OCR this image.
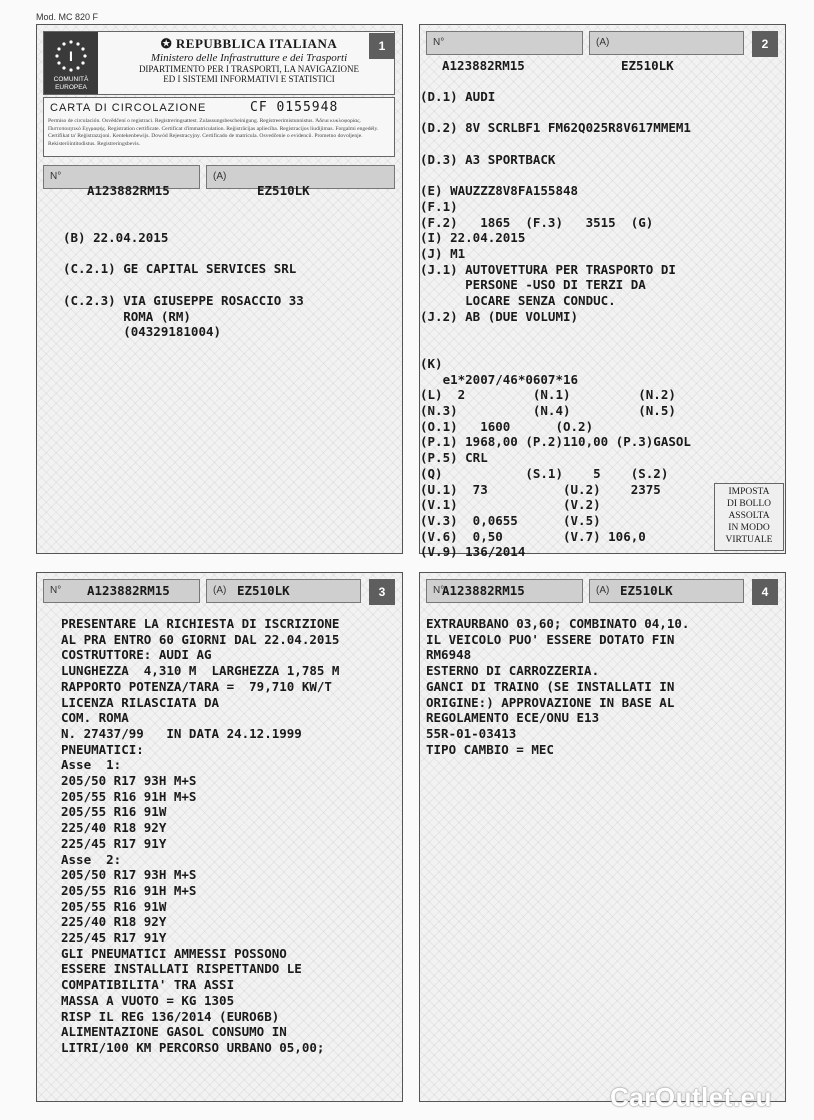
Mod. MC 820 F
I
COMUNITÀ EUROPEA
✪ REPUBBLICA ITALIANA
Ministero delle Infrastrutture e dei Trasporti
DIPARTIMENTO PER I TRASPORTI, LA NAVIGAZIONE
ED I SISTEMI INFORMATIVI E STATISTICI
1
CARTA DI CIRCOLAZIONE	CF 0155948
Permiso de circulación. Osvědčení o registraci. Registreringsattest. Zulassungsbescheinigung. Registreerimistunnistus. Άδεια κυκλοφορίας. Πιστοποιητικό Εγγραφής. Registration certificate. Certificat d'immatriculation. Reģistrācijas apliecība. Registracijos liudijimas. Forgalmi engedély. Certifikat ta' Reġistrazzjoni. Kentekenbewijs. Dowód Rejestracyjny. Certificado de matrícula. Osvedčenie o evidencii. Prometno dovoljenje. Rekisteröintitodistus. Registreringsbevis.
N°	(A)
A123882RM15	EZ510LK
(B) 22.04.2015

(C.2.1) GE CAPITAL SERVICES SRL

(C.2.3) VIA GIUSEPPE ROSACCIO 33
ROMA (RM)
(04329181004)
N°	(A)	2
A123882RM15	EZ510LK
(D.1) AUDI

(D.2) 8V SCRLBF1 FM62Q025R8V617MMEM1

(D.3) A3 SPORTBACK

(E) WAUZZZ8V8FA155848
(F.1)
(F.2)   1865  (F.3)   3515  (G)
(I) 22.04.2015
(J) M1
(J.1) AUTOVETTURA PER TRASPORTO DI
PERSONE -USO DI TERZI DA
LOCARE SENZA CONDUC.
(J.2) AB (DUE VOLUMI)

(K)
e1*2007/46*0607*16
(L)  2         (N.1)         (N.2)
(N.3)          (N.4)         (N.5)
(O.1)   1600      (O.2)
(P.1) 1968,00 (P.2)110,00 (P.3)GASOL
(P.5) CRL
(Q)           (S.1)    5    (S.2)
(U.1)  73          (U.2)    2375
(V.1)              (V.2)
(V.3)  0,0655      (V.5)
(V.6)  0,50        (V.7) 106,0
(V.9) 136/2014
IMPOSTA
DI BOLLO
ASSOLTA
IN MODO
VIRTUALE
N°	(A)	3
A123882RM15	EZ510LK
PRESENTARE LA RICHIESTA DI ISCRIZIONE
AL PRA ENTRO 60 GIORNI DAL 22.04.2015
COSTRUTTORE: AUDI AG
LUNGHEZZA  4,310 M  LARGHEZZA 1,785 M
RAPPORTO POTENZA/TARA =  79,710 KW/T
LICENZA RILASCIATA DA
COM. ROMA
N. 27437/99   IN DATA 24.12.1999
PNEUMATICI:
Asse  1:
205/50 R17 93H M+S
205/55 R16 91H M+S
205/55 R16 91W
225/40 R18 92Y
225/45 R17 91Y
Asse  2:
205/50 R17 93H M+S
205/55 R16 91H M+S
205/55 R16 91W
225/40 R18 92Y
225/45 R17 91Y
GLI PNEUMATICI AMMESSI POSSONO
ESSERE INSTALLATI RISPETTANDO LE
COMPATIBILITA' TRA ASSI
MASSA A VUOTO = KG 1305
RISP IL REG 136/2014 (EURO6B)
ALIMENTAZIONE GASOL CONSUMO IN
LITRI/100 KM PERCORSO URBANO 05,00;
N°	(A)	4
A123882RM15	EZ510LK
EXTRAURBANO 03,60; COMBINATO 04,10.
IL VEICOLO PUO' ESSERE DOTATO FIN
RM6948
ESTERNO DI CARROZZERIA.
GANCI DI TRAINO (SE INSTALLATI IN
ORIGINE:) APPROVAZIONE IN BASE AL
REGOLAMENTO ECE/ONU E13
55R-01-03413
TIPO CAMBIO = MEC
CarOutlet.eu
